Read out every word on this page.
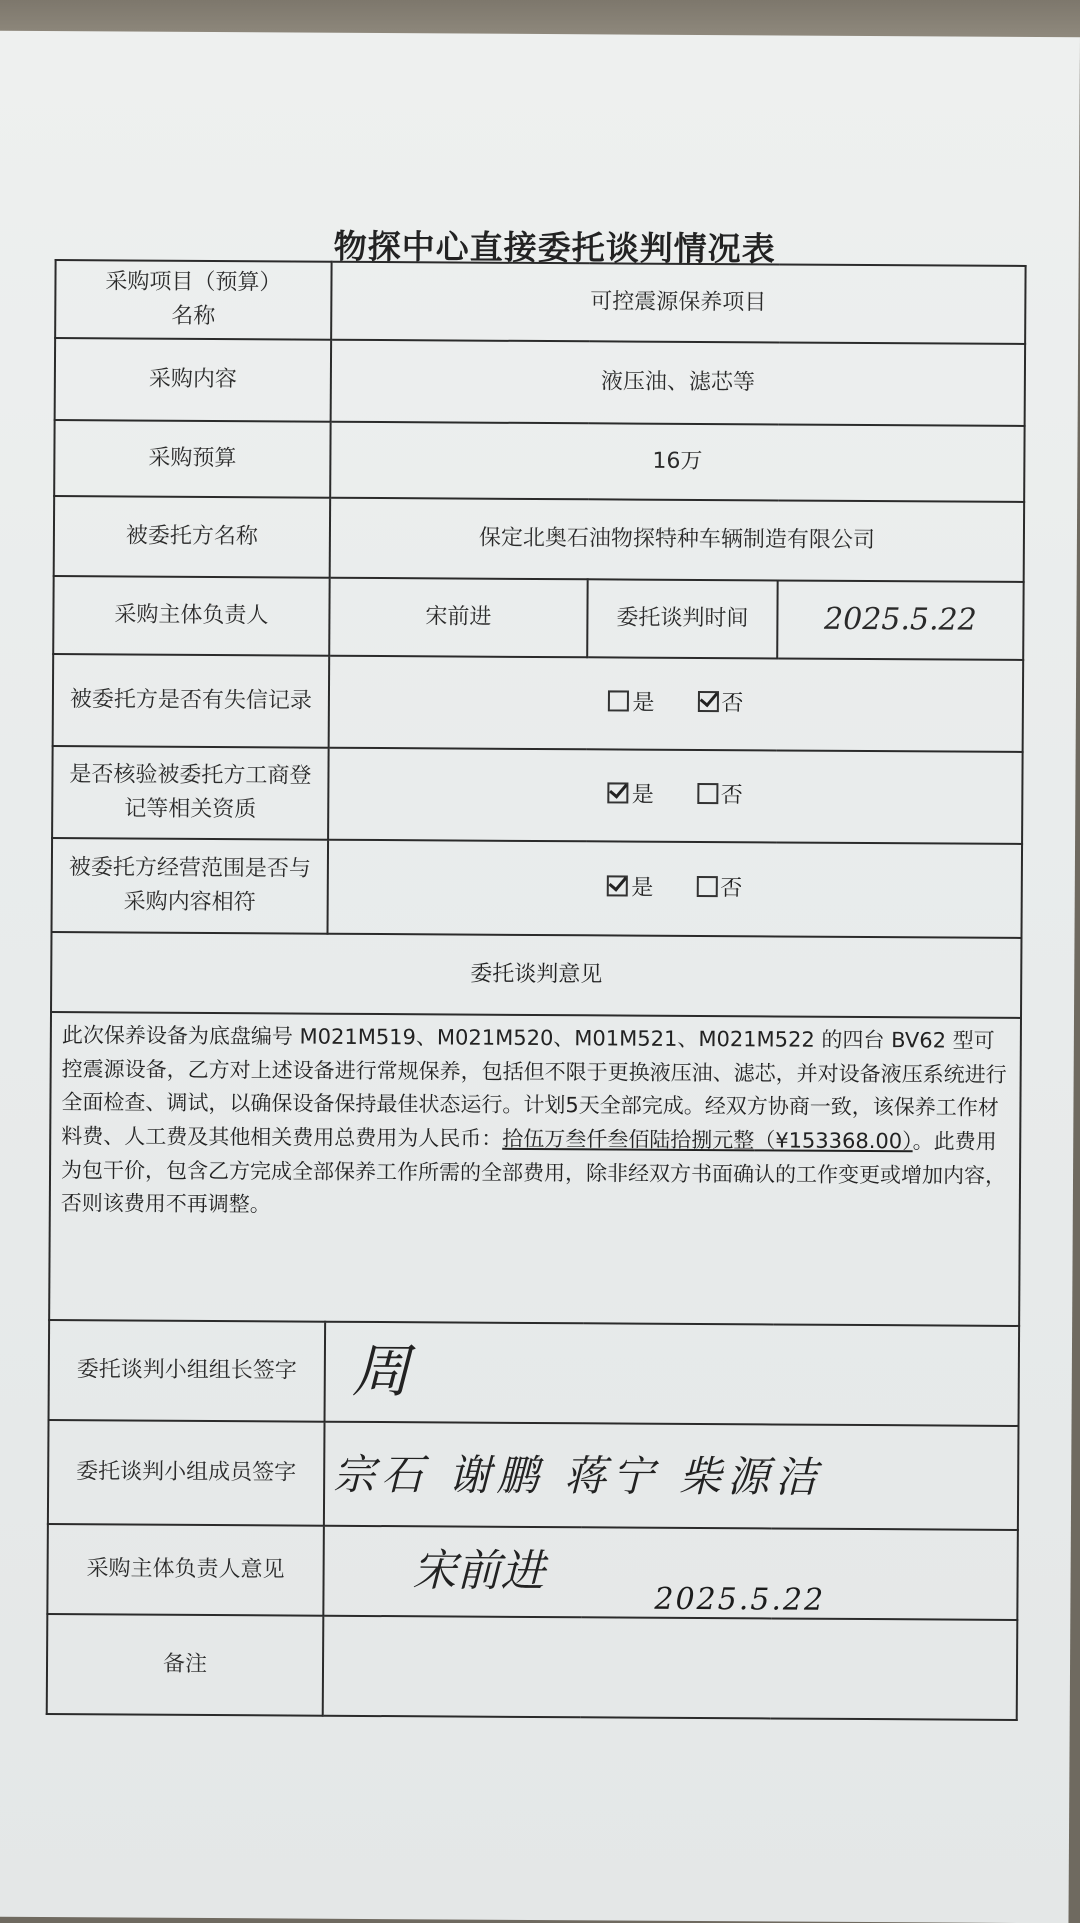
物探中心直接委托谈判情况表
采购项目（预算）
名称	可控震源保养项目		
采购内容	液压油、滤芯等		
采购预算	16万		
被委托方名称	保定北奥石油物探特种车辆制造有限公司		
采购主体负责人	宋前进	委托谈判时间	2025.5.22
被委托方是否有失信记录	是 否		
是否核验被委托方工商登记等相关资质	是 否		
被委托方经营范围是否与采购内容相符	是 否		
委托谈判意见			
此次保养设备为底盘编号 M021M519、M021M520、M01M521、M021M522 的四台 BV62 型可控震源设备，乙方对上述设备进行常规保养，包括但不限于更换液压油、滤芯，并对设备液压系统进行全面检查、调试，以确保设备保持最佳状态运行。计划5天全部完成。经双方协商一致，该保养工作材料费、人工费及其他相关费用总费用为人民币：拾伍万叁仟叁佰陆拾捌元整（¥153368.00）。此费用为包干价，包含乙方完成全部保养工作所需的全部费用，除非经双方书面确认的工作变更或增加内容，否则该费用不再调整。			
委托谈判小组组长签字	周		

委托谈判小组成员签字	宗石 谢鹏 蒋宁 柴源洁		

采购主体负责人意见	宋前进
2025.5.22		

备注			
